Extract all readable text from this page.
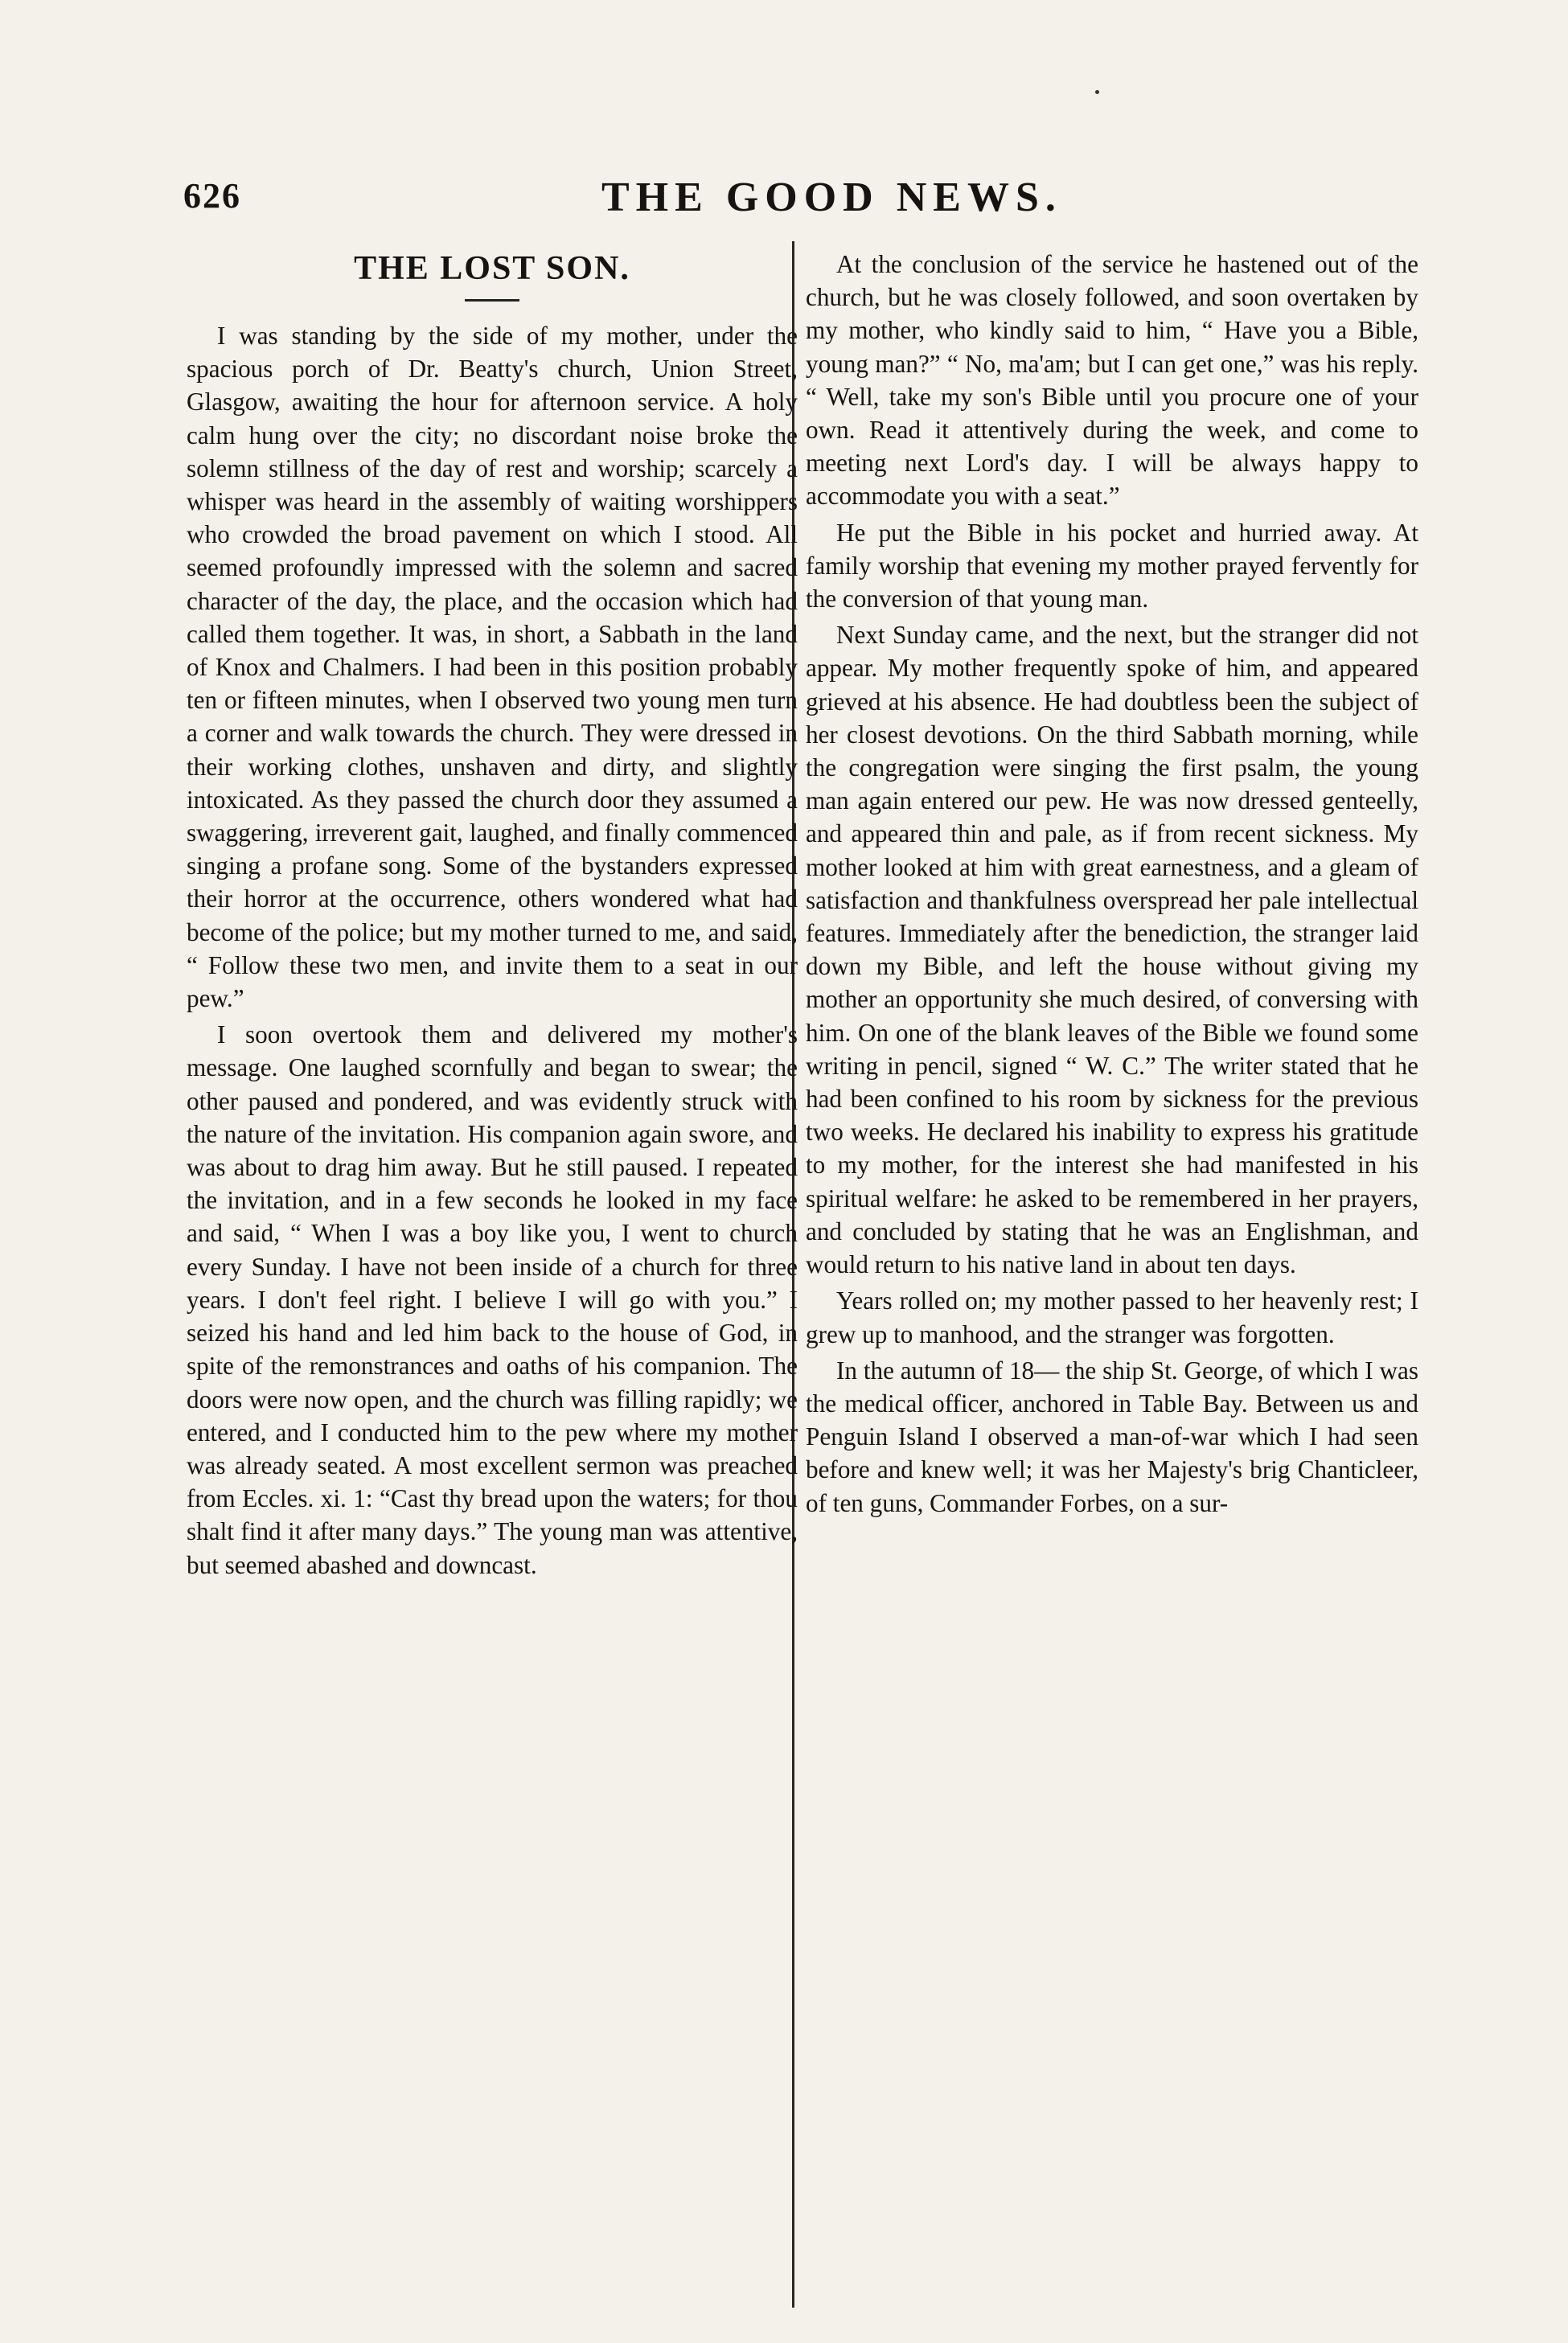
626	THE GOOD NEWS.
THE LOST SON.

I was standing by the side of my mother, under the spacious porch of Dr. Beatty's church, Union Street, Glasgow, awaiting the hour for afternoon service. A holy calm hung over the city; no discordant noise broke the solemn stillness of the day of rest and worship; scarcely a whisper was heard in the assembly of waiting worshippers who crowded the broad pavement on which I stood. All seemed profoundly impressed with the solemn and sacred character of the day, the place, and the occasion which had called them together. It was, in short, a Sabbath in the land of Knox and Chalmers. I had been in this position probably ten or fifteen minutes, when I observed two young men turn a corner and walk towards the church. They were dressed in their working clothes, unshaven and dirty, and slightly intoxicated. As they passed the church door they assumed a swaggering, irreverent gait, laughed, and finally commenced singing a profane song. Some of the bystanders expressed their horror at the occurrence, others wondered what had become of the police; but my mother turned to me, and said, “ Follow these two men, and invite them to a seat in our pew.”

I soon overtook them and delivered my mother's message. One laughed scornfully and began to swear; the other paused and pondered, and was evidently struck with the nature of the invitation. His companion again swore, and was about to drag him away. But he still paused. I repeated the invitation, and in a few seconds he looked in my face and said, “ When I was a boy like you, I went to church every Sunday. I have not been inside of a church for three years. I don't feel right. I believe I will go with you.” I seized his hand and led him back to the house of God, in spite of the remonstrances and oaths of his companion. The doors were now open, and the church was filling rapidly; we entered, and I conducted him to the pew where my mother was already seated. A most excellent sermon was preached from Eccles. xi. 1: “Cast thy bread upon the waters; for thou shalt find it after many days.” The young man was attentive, but seemed abashed and downcast.

At the conclusion of the service he hastened out of the church, but he was closely followed, and soon overtaken by my mother, who kindly said to him, “ Have you a Bible, young man?” “ No, ma'am; but I can get one,” was his reply. “ Well, take my son's Bible until you procure one of your own. Read it attentively during the week, and come to meeting next Lord's day. I will be always happy to accommodate you with a seat.”

He put the Bible in his pocket and hurried away. At family worship that evening my mother prayed fervently for the conversion of that young man.

Next Sunday came, and the next, but the stranger did not appear. My mother frequently spoke of him, and appeared grieved at his absence. He had doubtless been the subject of her closest devotions. On the third Sabbath morning, while the congregation were singing the first psalm, the young man again entered our pew. He was now dressed genteelly, and appeared thin and pale, as if from recent sickness. My mother looked at him with great earnestness, and a gleam of satisfaction and thankfulness overspread her pale intellectual features. Immediately after the benediction, the stranger laid down my Bible, and left the house without giving my mother an opportunity she much desired, of conversing with him. On one of the blank leaves of the Bible we found some writing in pencil, signed “ W. C.” The writer stated that he had been confined to his room by sickness for the previous two weeks. He declared his inability to express his gratitude to my mother, for the interest she had manifested in his spiritual welfare: he asked to be remembered in her prayers, and concluded by stating that he was an Englishman, and would return to his native land in about ten days.

Years rolled on; my mother passed to her heavenly rest; I grew up to manhood, and the stranger was forgotten.

In the autumn of 18— the ship St. George, of which I was the medical officer, anchored in Table Bay. Between us and Penguin Island I observed a man-of-war which I had seen before and knew well; it was her Majesty's brig Chanticleer, of ten guns, Commander Forbes, on a sur-
